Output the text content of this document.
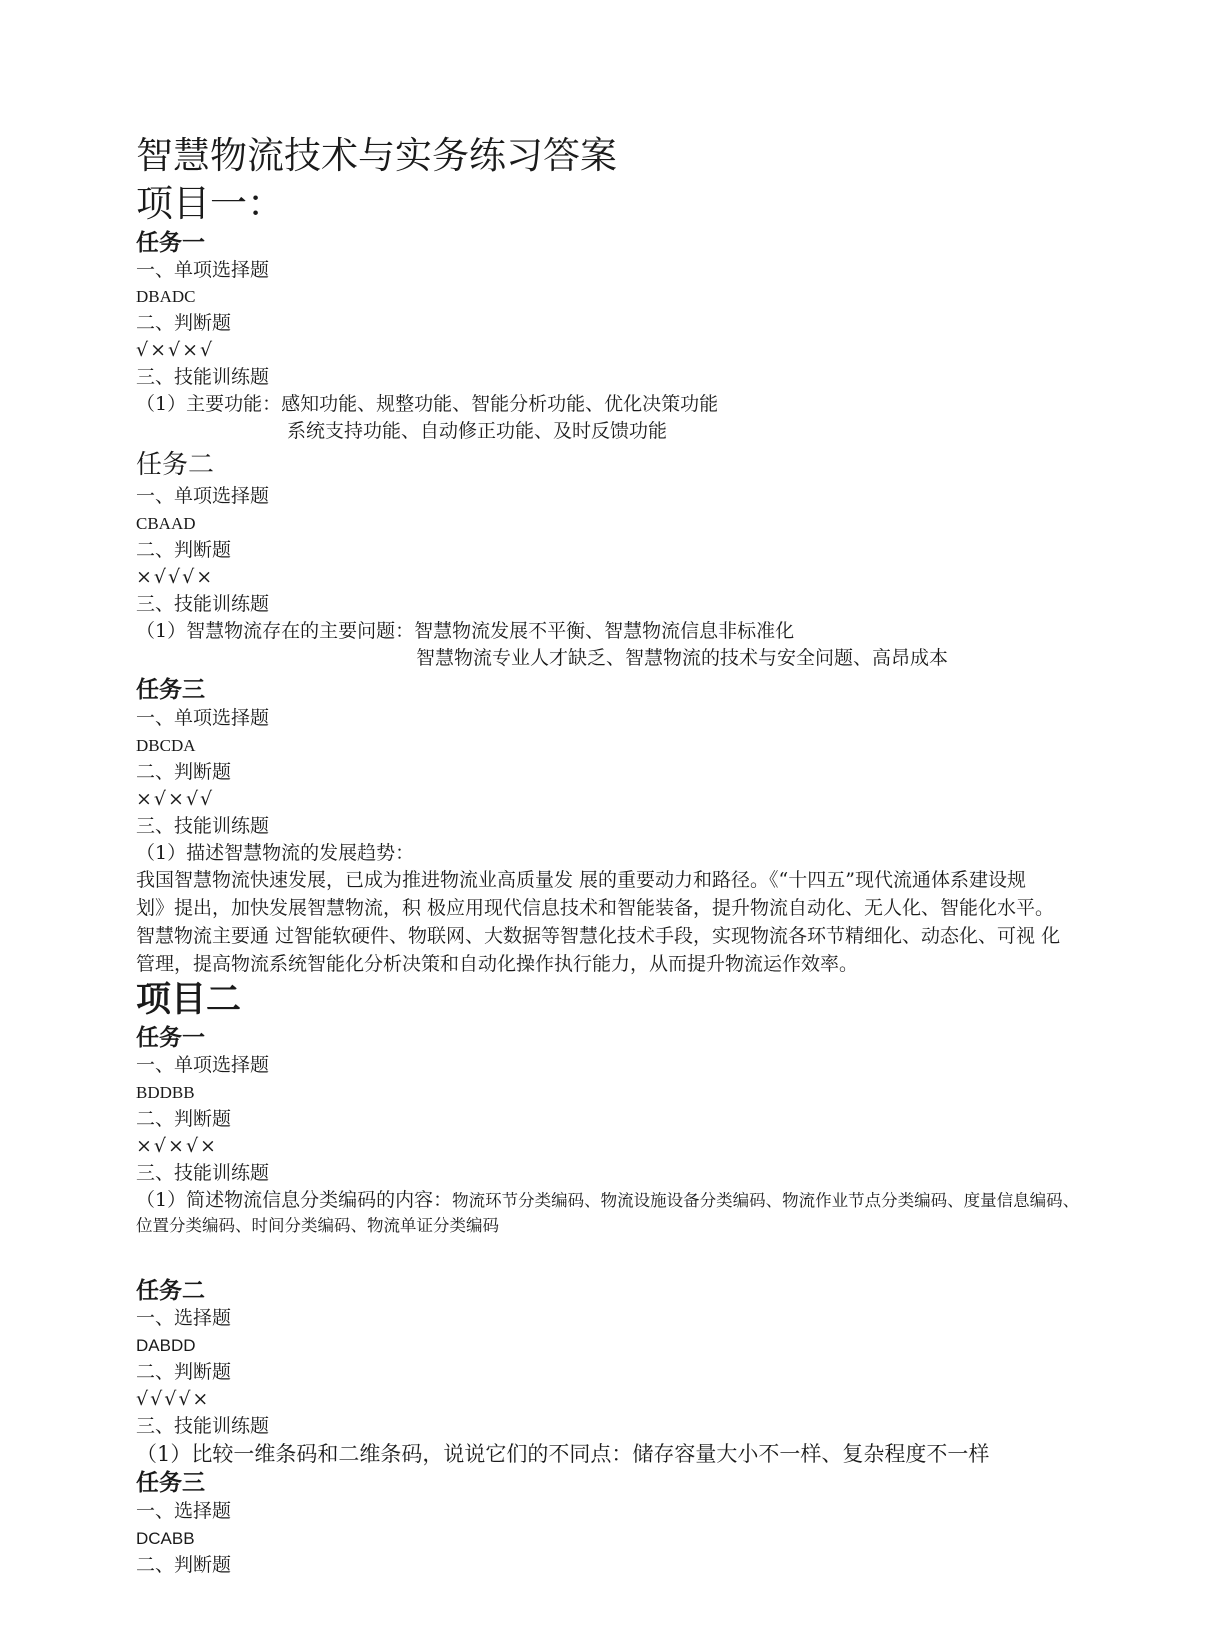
智慧物流技术与实务练习答案
项目一：
任务一
一、单项选择题
DBADC
二、判断题
√×√×√
三、技能训练题
（1）主要功能：感知功能、规整功能、智能分析功能、优化决策功能
系统支持功能、自动修正功能、及时反馈功能
任务二
一、单项选择题
CBAAD
二、判断题
×√√√×
三、技能训练题
（1）智慧物流存在的主要问题：智慧物流发展不平衡、智慧物流信息非标准化
智慧物流专业人才缺乏、智慧物流的技术与安全问题、高昂成本
任务三
一、单项选择题
DBCDA
二、判断题
×√×√√
三、技能训练题
（1）描述智慧物流的发展趋势：
我国智慧物流快速发展，已成为推进物流业高质量发 展的重要动力和路径。《“十四五”现代流通体系建设规
划》提出，加快发展智慧物流，积 极应用现代信息技术和智能装备，提升物流自动化、无人化、智能化水平。
智慧物流主要通 过智能软硬件、物联网、大数据等智慧化技术手段，实现物流各环节精细化、动态化、可视 化
管理，提高物流系统智能化分析决策和自动化操作执行能力，从而提升物流运作效率。
项目二
任务一
一、单项选择题
BDDBB
二、判断题
×√×√×
三、技能训练题
（1）简述物流信息分类编码的内容：物流环节分类编码、物流设施设备分类编码、物流作业节点分类编码、度量信息编码、
位置分类编码、时间分类编码、物流单证分类编码
任务二
一、选择题
DABDD
二、判断题
√√√√×
三、技能训练题
（1）比较一维条码和二维条码，说说它们的不同点：储存容量大小不一样、复杂程度不一样
任务三
一、选择题
DCABB
二、判断题
